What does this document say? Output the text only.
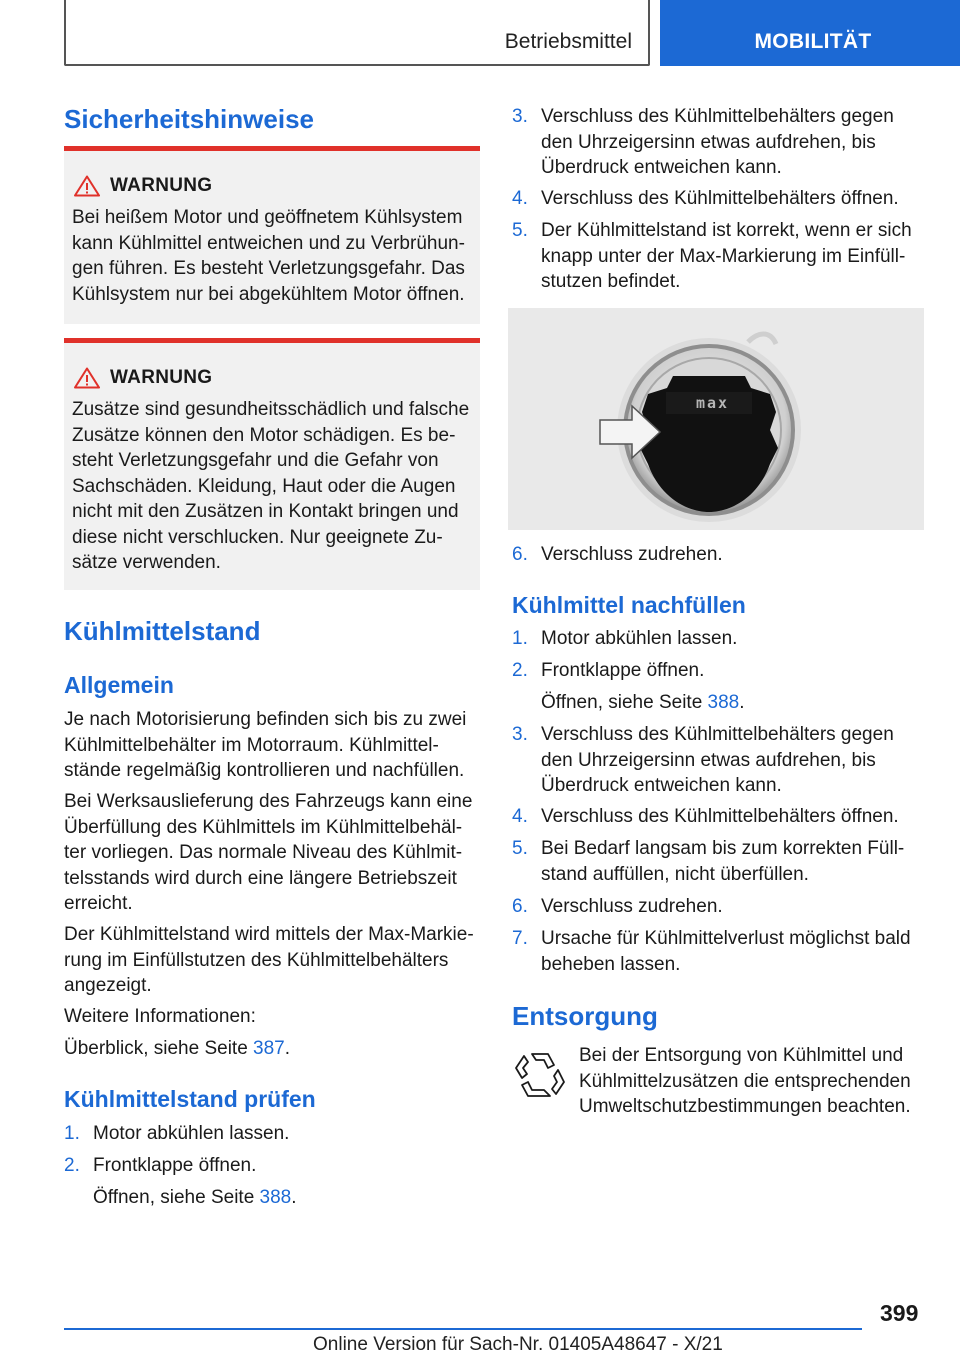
Betriebsmittel	MOBILITÄT
Sicherheitshinweise
WARNUNG
Bei heißem Motor und geöffnetem Kühlsystem
kann Kühlmittel entweichen und zu Verbrühun-
gen führen. Es besteht Verletzungsgefahr. Das
Kühlsystem nur bei abgekühltem Motor öffnen.
WARNUNG
Zusätze sind gesundheitsschädlich und falsche
Zusätze können den Motor schädigen. Es be-
steht Verletzungsgefahr und die Gefahr von
Sachschäden. Kleidung, Haut oder die Augen
nicht mit den Zusätzen in Kontakt bringen und
diese nicht verschlucken. Nur geeignete Zu-
sätze verwenden.
Kühlmittelstand
Allgemein
Je nach Motorisierung befinden sich bis zu zwei
Kühlmittelbehälter im Motorraum. Kühlmittel-
stände regelmäßig kontrollieren und nachfüllen.
Bei Werksauslieferung des Fahrzeugs kann eine
Überfüllung des Kühlmittels im Kühlmittelbehäl-
ter vorliegen. Das normale Niveau des Kühlmit-
telsstands wird durch eine längere Betriebszeit
erreicht.
Der Kühlmittelstand wird mittels der Max-Markie-
rung im Einfüllstutzen des Kühlmittelbehälters
angezeigt.
Weitere Informationen:
Überblick, siehe Seite 387.
Kühlmittelstand prüfen
1. Motor abkühlen lassen.
2. Frontklappe öffnen.
Öffnen, siehe Seite 388.
3. Verschluss des Kühlmittelbehälters gegen
den Uhrzeigersinn etwas aufdrehen, bis
Überdruck entweichen kann.
4. Verschluss des Kühlmittelbehälters öffnen.
5. Der Kühlmittelstand ist korrekt, wenn er sich
knapp unter der Max-Markierung im Einfüll-
stutzen befindet.
max
6. Verschluss zudrehen.
Kühlmittel nachfüllen
1. Motor abkühlen lassen.
2. Frontklappe öffnen.
Öffnen, siehe Seite 388.
3. Verschluss des Kühlmittelbehälters gegen
den Uhrzeigersinn etwas aufdrehen, bis
Überdruck entweichen kann.
4. Verschluss des Kühlmittelbehälters öffnen.
5. Bei Bedarf langsam bis zum korrekten Füll-
stand auffüllen, nicht überfüllen.
6. Verschluss zudrehen.
7. Ursache für Kühlmittelverlust möglichst bald
beheben lassen.
Entsorgung
Bei der Entsorgung von Kühlmittel und
Kühlmittelzusätzen die entsprechenden
Umweltschutzbestimmungen beachten.
399
Online Version für Sach-Nr. 01405A48647 - X/21
